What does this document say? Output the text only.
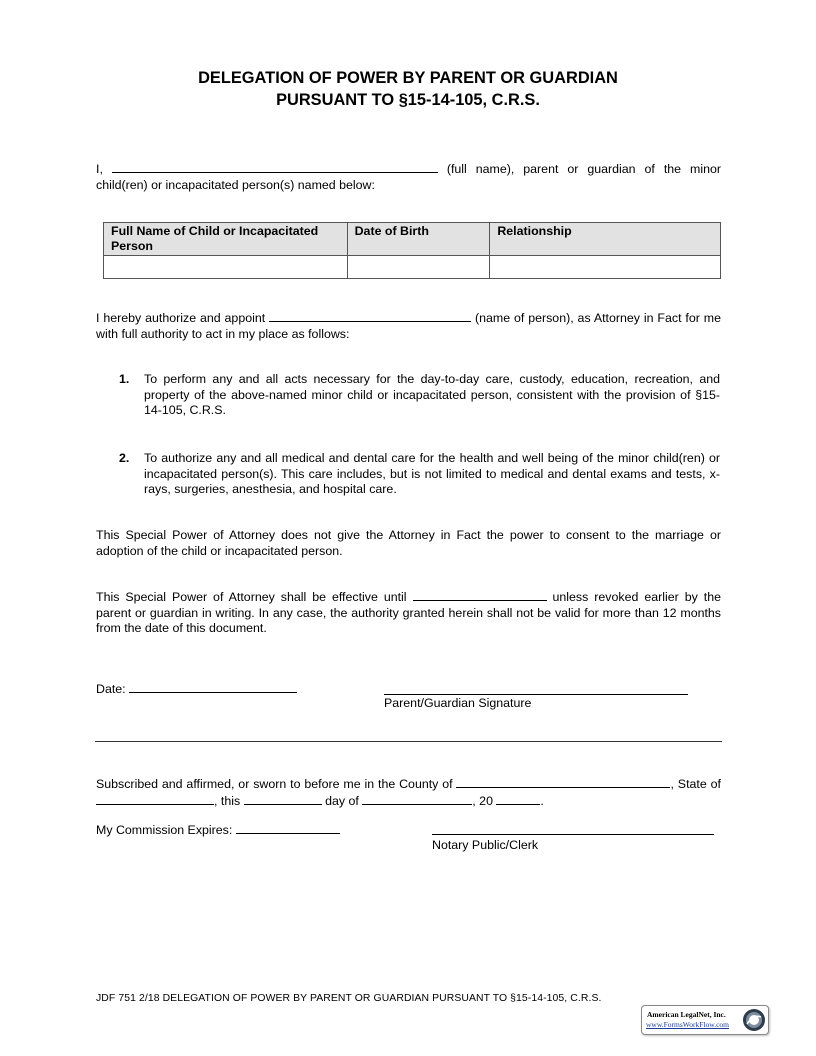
DELEGATION OF POWER BY PARENT OR GUARDIAN
PURSUANT TO §15-14-105, C.R.S.
I,	(full name), parent or guardian of the minor child(ren) or incapacitated person(s) named below:
Full Name of Child or Incapacitated Person	Date of Birth	Relationship

I hereby authorize and appoint	(name of person), as Attorney in Fact for me with full authority to act in my place as follows:
1. To perform any and all acts necessary for the day-to-day care, custody, education, recreation, and property of the above-named minor child or incapacitated person, consistent with the provision of §15-14-105, C.R.S.
2. To authorize any and all medical and dental care for the health and well being of the minor child(ren) or incapacitated person(s). This care includes, but is not limited to medical and dental exams and tests, x-rays, surgeries, anesthesia, and hospital care.
This Special Power of Attorney does not give the Attorney in Fact the power to consent to the marriage or adoption of the child or incapacitated person.
This Special Power of Attorney shall be effective until	unless revoked earlier by the parent or guardian in writing. In any case, the authority granted herein shall not be valid for more than 12 months from the date of this document.
Date:
Parent/Guardian Signature
Subscribed and affirmed, or sworn to before me in the County of	, State of , this	day of	, 20	.
My Commission Expires:
Notary Public/Clerk
JDF 751 2/18 DELEGATION OF POWER BY PARENT OR GUARDIAN PURSUANT TO §15-14-105, C.R.S.
American LegalNet, Inc.
www.FormsWorkFlow.com
